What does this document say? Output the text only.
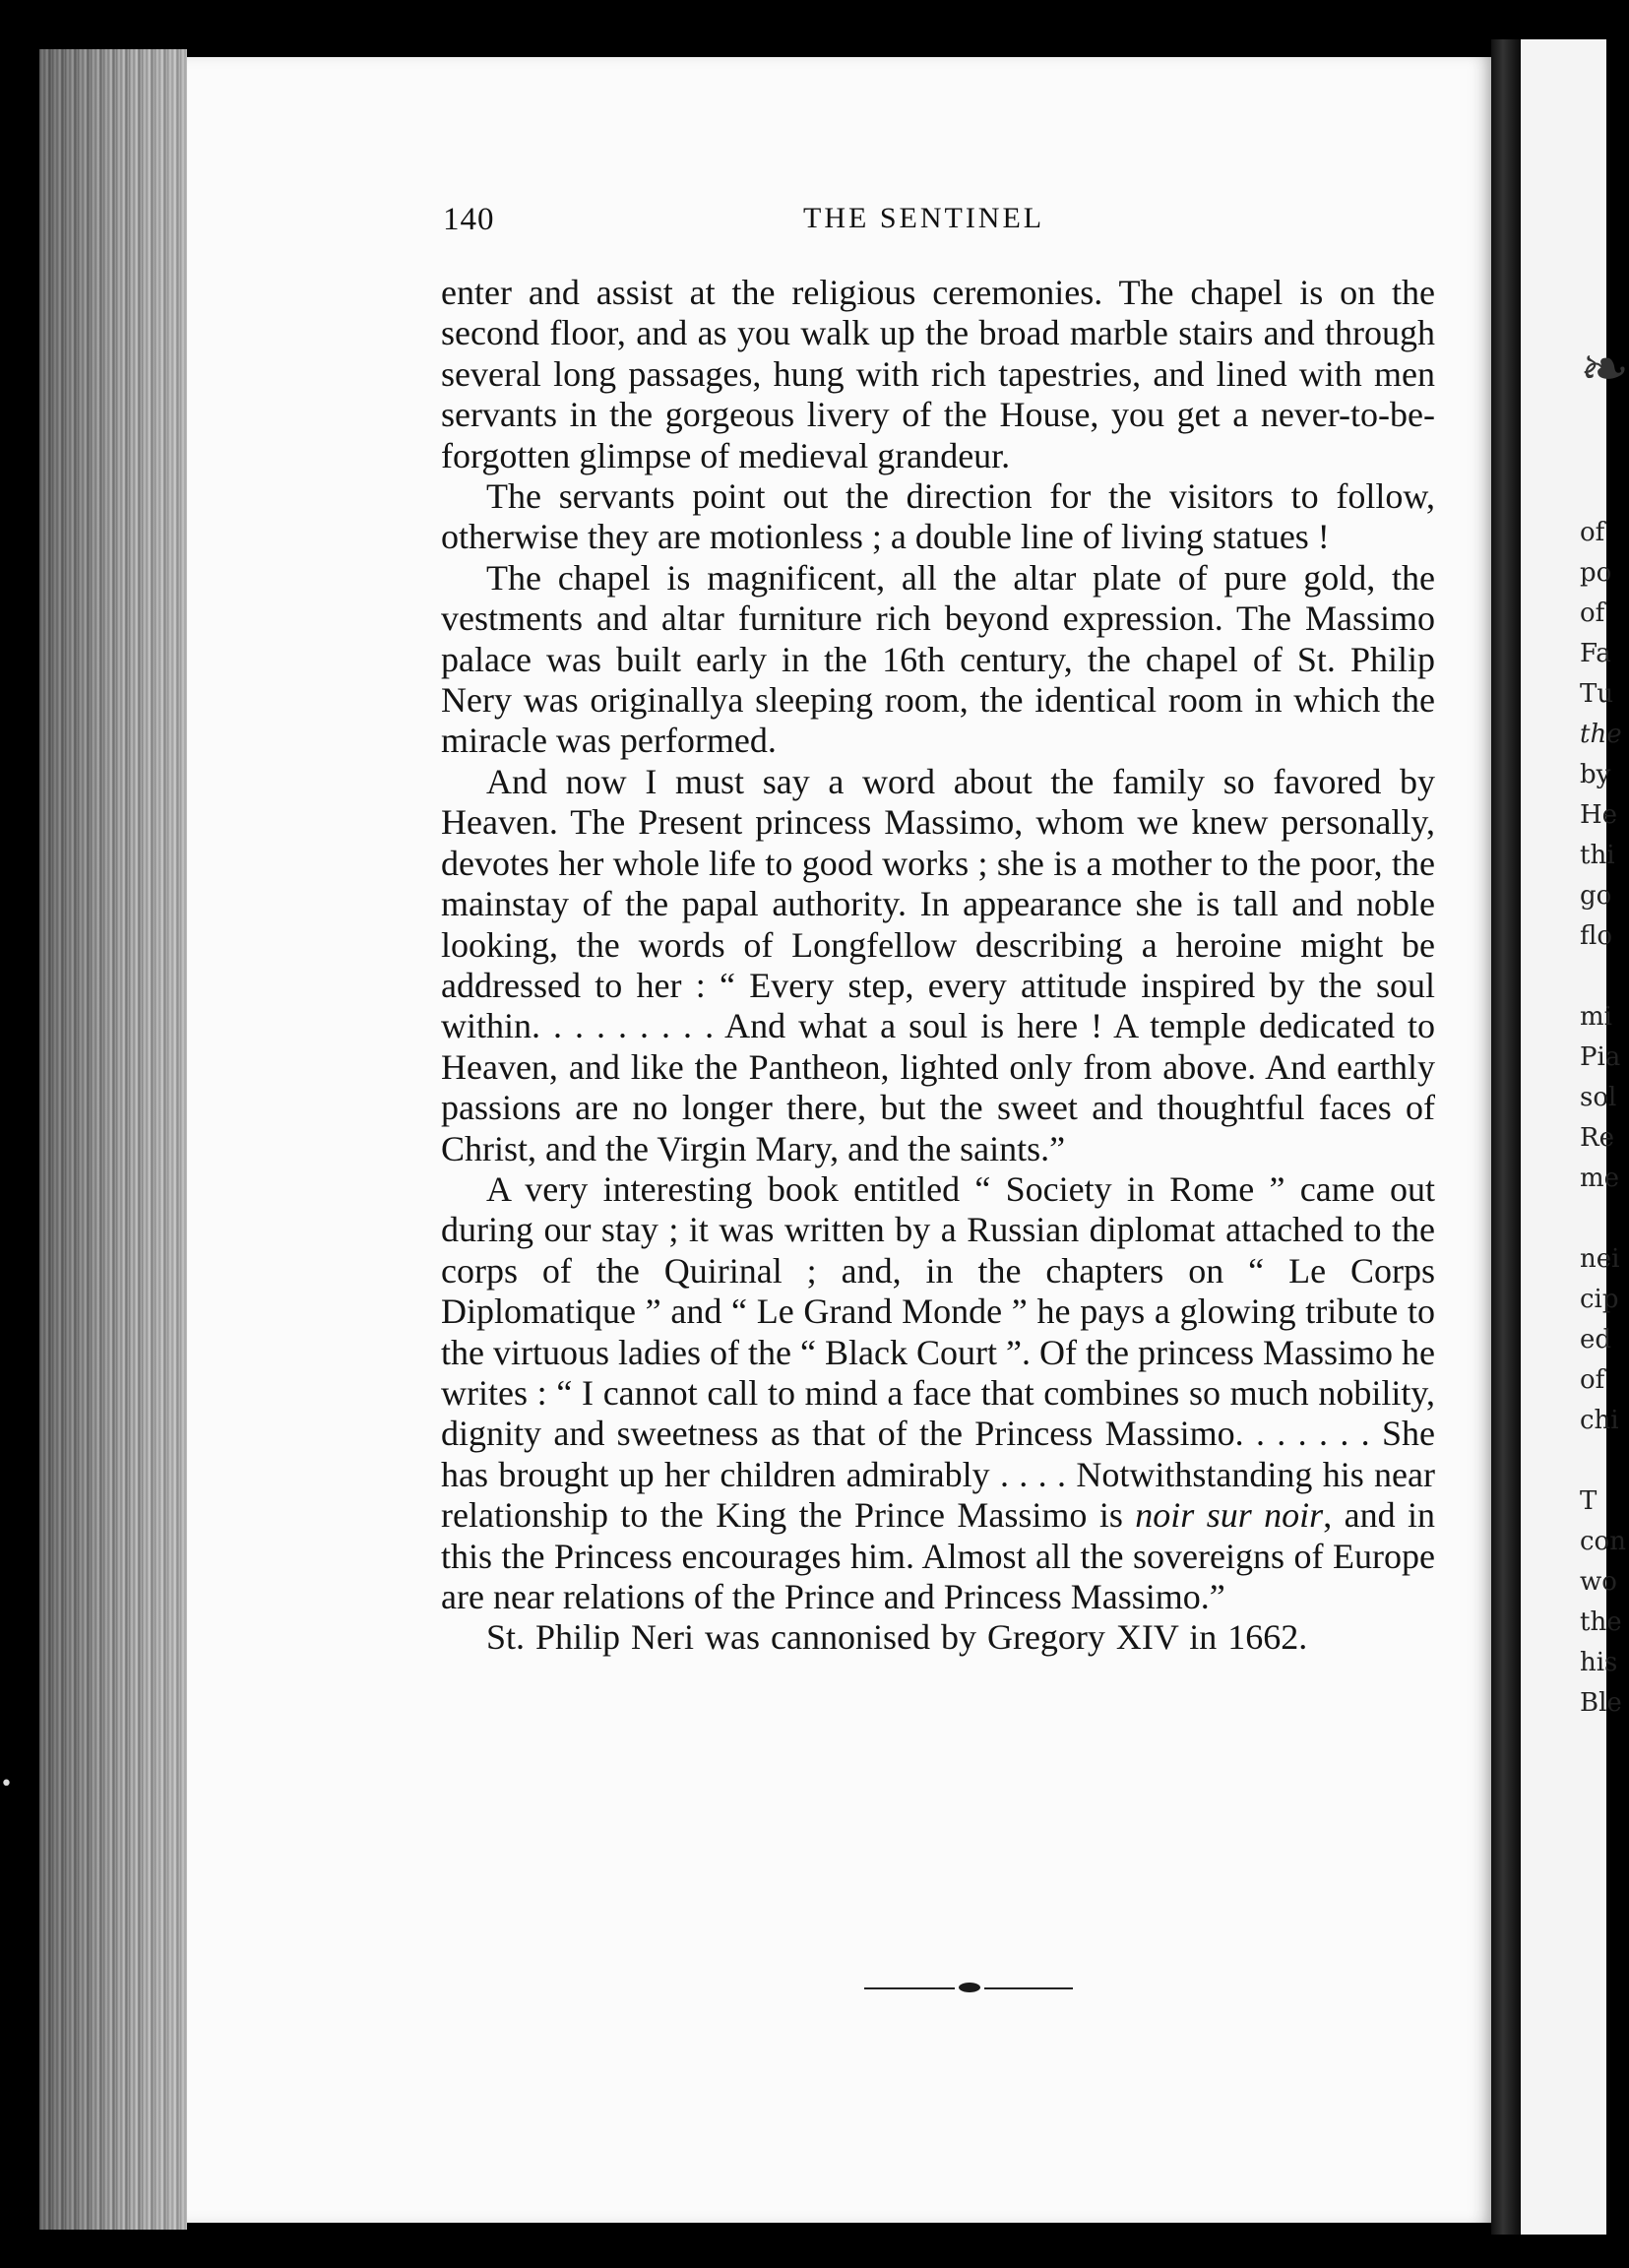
❧

of

po

of

Fa

Tu

the

by

He

thi

go

flo

mi

Pia

sol

Re

me

nei

cip

ed

of

chi

T

con

wo

the

his

Ble

140	THE SENTINEL

enter and assist at the religious ceremonies. The chapel is on the second floor, and as you walk up the broad marble stairs and through several long passages, hung with rich tapestries, and lined with men servants in the gorgeous livery of the House, you get a never-to-be-forgotten glimpse of medieval grandeur.

The servants point out the direction for the visitors to follow, otherwise they are motionless ; a double line of living statues !

The chapel is magnificent, all the altar plate of pure gold, the vestments and altar furniture rich beyond expression. The Massimo palace was built early in the 16th century, the chapel of St. Philip Nery was originallya sleeping room, the identical room in which the miracle was performed.

And now I must say a word about the family so favored by Heaven. The Present princess Massimo, whom we knew personally, devotes her whole life to good works ; she is a mother to the poor, the mainstay of the papal authority. In appearance she is tall and noble looking, the words of Longfellow describing a heroine might be addressed to her : “ Every step, every attitude inspired by the soul within. . . . . . . . . And what a soul is here ! A temple dedicated to Heaven, and like the Pantheon, lighted only from above. And earthly passions are no longer there, but the sweet and thoughtful faces of Christ, and the Virgin Mary, and the saints.”

A very interesting book entitled “ Society in Rome ” came out during our stay ; it was written by a Russian diplomat attached to the corps of the Quirinal ; and, in the chapters on “ Le Corps Diplomatique ” and “ Le Grand Monde ” he pays a glowing tribute to the virtuous ladies of the “ Black Court ”. Of the princess Massimo he writes : “ I cannot call to mind a face that combines so much nobility, dignity and sweetness as that of the Princess Massimo. . . . . . . She has brought up her children admirably . . . . Notwithstanding his near relationship to the King the Prince Massimo is noir sur noir, and in this the Princess encourages him. Almost all the sovereigns of Europe are near relations of the Prince and Princess Massimo.”

St. Philip Neri was cannonised by Gregory XIV in 1662.

•
